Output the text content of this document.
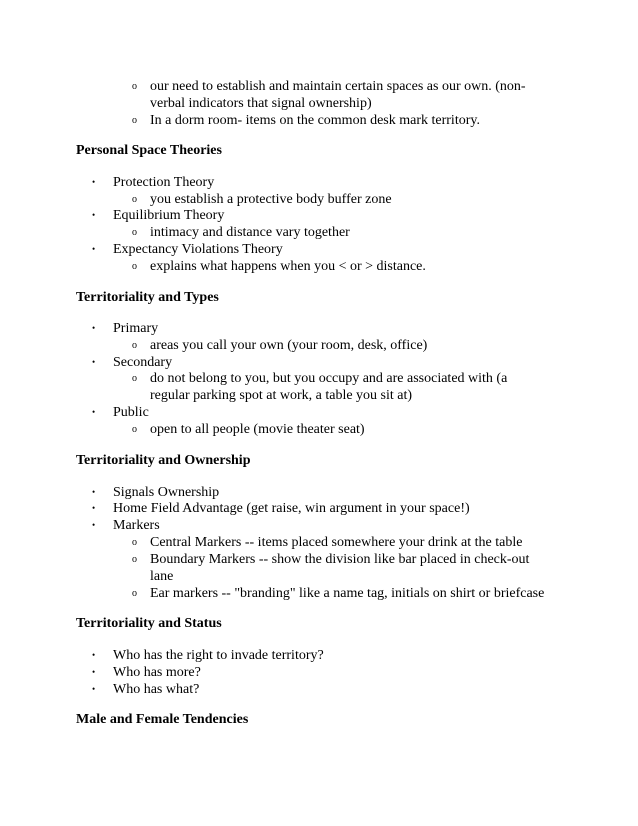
o our need to establish and maintain certain spaces as our own. (non-
verbal indicators that signal ownership)
o In a dorm room- items on the common desk mark territory.
Personal Space Theories
• Protection Theory
o you establish a protective body buffer zone
• Equilibrium Theory
o intimacy and distance vary together
• Expectancy Violations Theory
o explains what happens when you < or > distance.
Territoriality and Types
• Primary
o areas you call your own (your room, desk, office)
• Secondary
o do not belong to you, but you occupy and are associated with (a
regular parking spot at work, a table you sit at)
• Public
o open to all people (movie theater seat)
Territoriality and Ownership
• Signals Ownership
• Home Field Advantage (get raise, win argument in your space!)
• Markers
o Central Markers -- items placed somewhere your drink at the table
o Boundary Markers -- show the division like bar placed in check-out
lane
o Ear markers -- "branding" like a name tag, initials on shirt or briefcase
Territoriality and Status
• Who has the right to invade territory?
• Who has more?
• Who has what?
Male and Female Tendencies
